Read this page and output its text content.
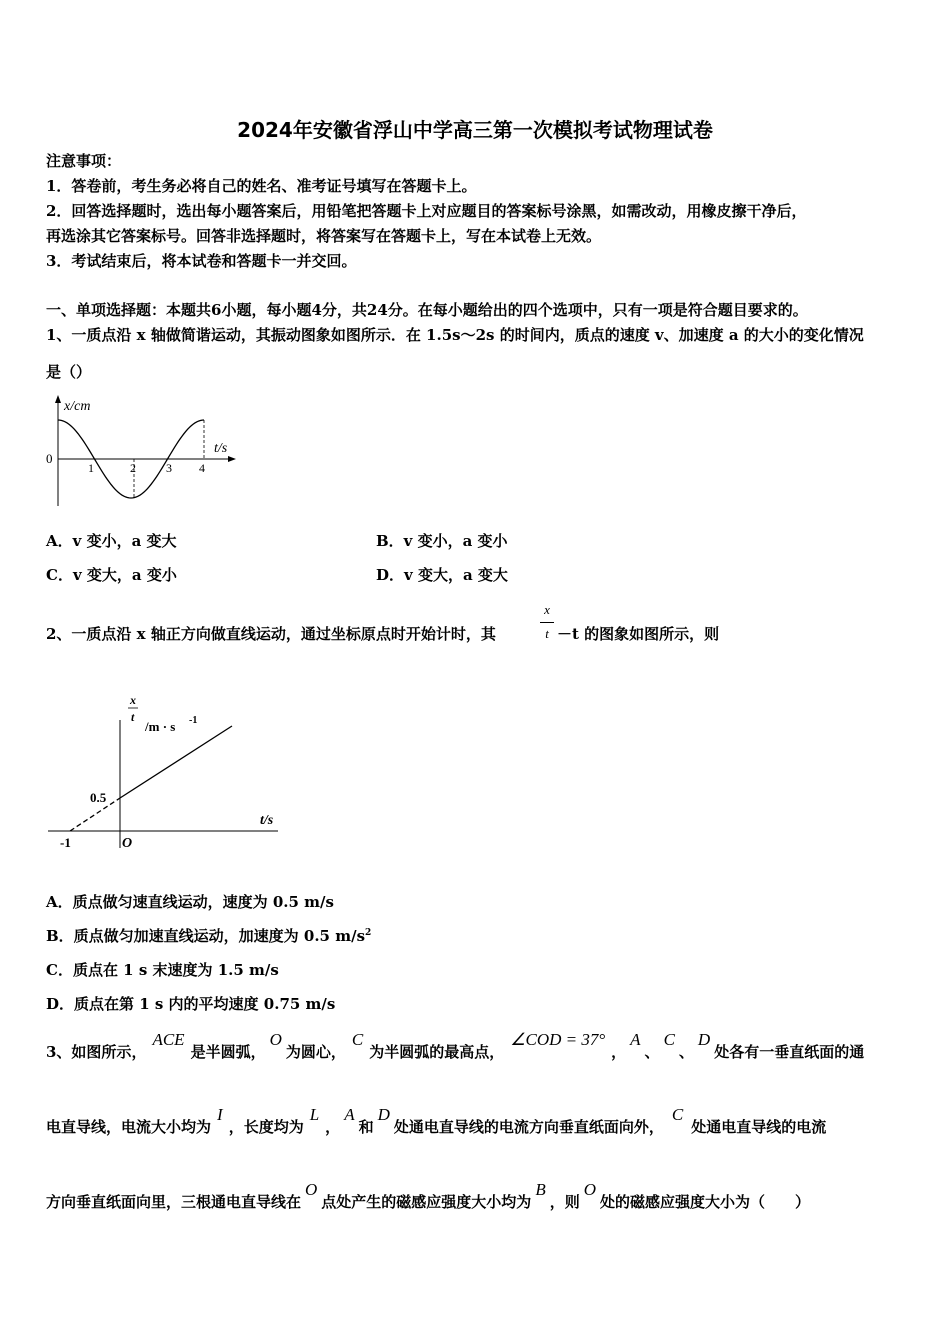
2024年安徽省浮山中学高三第一次模拟考试物理试卷
注意事项：
1．答卷前，考生务必将自己的姓名、准考证号填写在答题卡上。
2．回答选择题时，选出每小题答案后，用铅笔把答题卡上对应题目的答案标号涂黑，如需改动，用橡皮擦干净后，
再选涂其它答案标号。回答非选择题时，将答案写在答题卡上，写在本试卷上无效。
3．考试结束后，将本试卷和答题卡一并交回。
一、单项选择题：本题共6小题，每小题4分，共24分。在每小题给出的四个选项中，只有一项是符合题目要求的。
1、一质点沿 x 轴做简谐运动，其振动图象如图所示．在 1.5s～2s 的时间内，质点的速度 v、加速度 a 的大小的变化情况
是（）
x/cm
t/s
0
1	2	3 4
A．v 变小，a 变大	B．v 变小，a 变小
C．v 变大，a 变小	D．v 变大，a 变大
2、一质点沿 x 轴正方向做直线运动，通过坐标原点时开始计时，其
x
t －t 的图象如图所示，则
x
t
/m · s -1
t/s
0.5
-1	O
A．质点做匀速直线运动，速度为 0.5 m/s
B．质点做匀加速直线运动，加速度为 0.5 $m/s^2$
C．质点在 1 s 末速度为 1.5 m/s
D．质点在第 1 s 内的平均速度 0.75 m/s
3、如图所示，ACE是半圆弧，O为圆心，C为半圆弧的最高点，∠COD = 37°，A、C、D处各有一垂直纸面的通
电直导线，电流大小均为I，长度均为L，A和D处通电直导线的电流方向垂直纸面向外，C处通电直导线的电流
方向垂直纸面向里，三根通电直导线在O点处产生的磁感应强度大小均为B，则O处的磁感应强度大小为（　　）
